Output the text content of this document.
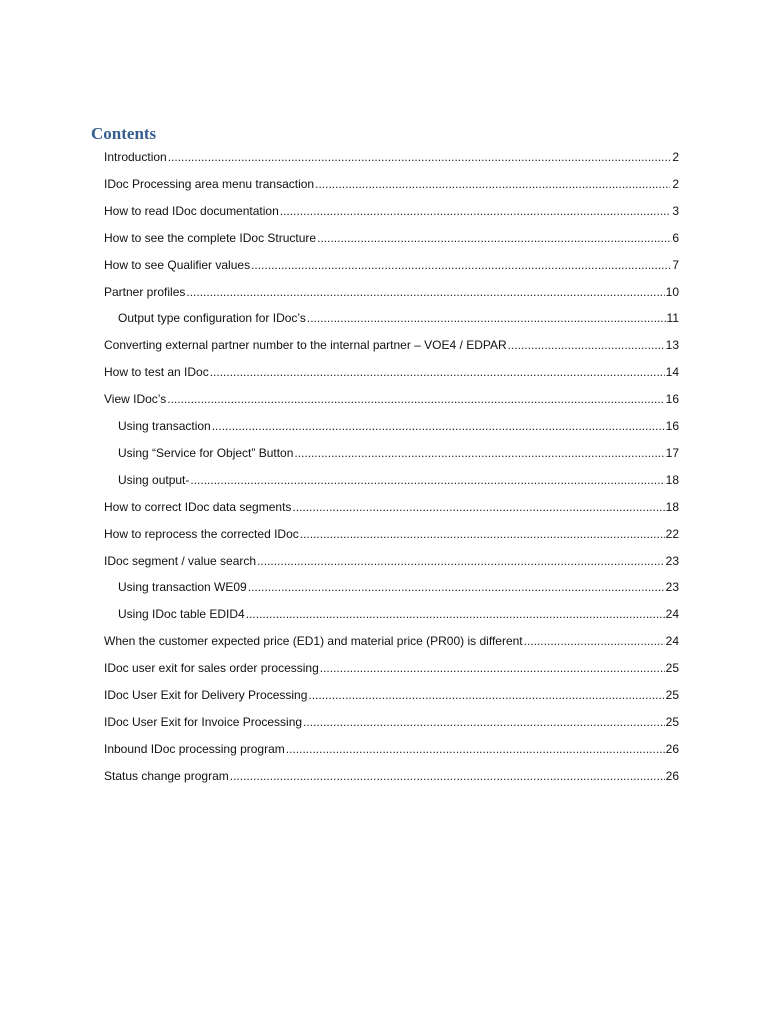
Contents
Introduction .....	2
IDoc Processing area menu transaction .....	2
How to read IDoc documentation .....	3
How to see the complete IDoc Structure .....	6
How to see Qualifier values .....	7
Partner profiles .....	10
Output type configuration for IDoc’s .....	11
Converting external partner number to the internal partner – VOE4 / EDPAR .....	13
How to test an IDoc .....	14
View IDoc’s .....	16
Using transaction .....	16
Using “Service for Object” Button .....	17
Using output- .....	18
How to correct IDoc data segments .....	18
How to reprocess the corrected IDoc .....	22
IDoc segment / value search .....	23
Using transaction WE09 .....	23
Using IDoc table EDID4 .....	24
When the customer expected price (ED1) and material price (PR00) is different .....	24
IDoc user exit for sales order processing .....	25
IDoc User Exit for Delivery Processing .....	25
IDoc User Exit for Invoice Processing .....	25
Inbound IDoc processing program .....	26
Status change program .....	26
